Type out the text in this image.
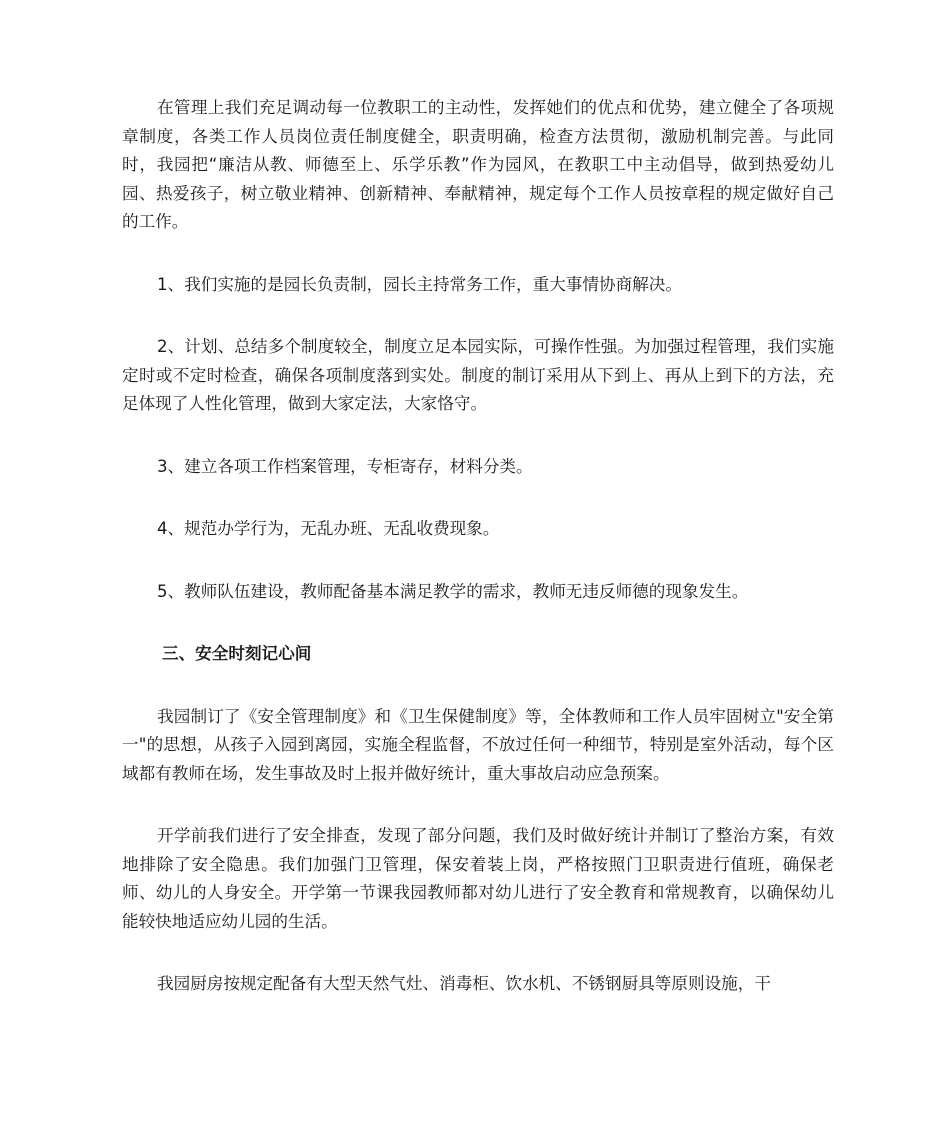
在管理上我们充足调动每一位教职工的主动性，发挥她们的优点和优势，建立健全了各项规章制度，各类工作人员岗位责任制度健全，职责明确，检查方法贯彻，激励机制完善。与此同时，我园把“廉洁从教、师德至上、乐学乐教”作为园风，在教职工中主动倡导，做到热爱幼儿园、热爱孩子，树立敬业精神、创新精神、奉献精神，规定每个工作人员按章程的规定做好自己的工作。

1、我们实施的是园长负责制，园长主持常务工作，重大事情协商解决。

2、计划、总结多个制度较全，制度立足本园实际，可操作性强。为加强过程管理，我们实施定时或不定时检查，确保各项制度落到实处。制度的制订采用从下到上、再从上到下的方法，充足体现了人性化管理，做到大家定法，大家恪守。

3、建立各项工作档案管理，专柜寄存，材料分类。

4、规范办学行为，无乱办班、无乱收费现象。

5、教师队伍建设，教师配备基本满足教学的需求，教师无违反师德的现象发生。

三、安全时刻记心间

我园制订了《安全管理制度》和《卫生保健制度》等，全体教师和工作人员牢固树立"安全第一"的思想，从孩子入园到离园，实施全程监督，不放过任何一种细节，特别是室外活动，每个区域都有教师在场，发生事故及时上报并做好统计，重大事故启动应急预案。

开学前我们进行了安全排查，发现了部分问题，我们及时做好统计并制订了整治方案，有效地排除了安全隐患。我们加强门卫管理，保安着装上岗，严格按照门卫职责进行值班，确保老师、幼儿的人身安全。开学第一节课我园教师都对幼儿进行了安全教育和常规教育，以确保幼儿能较快地适应幼儿园的生活。

我园厨房按规定配备有大型天然气灶、消毒柜、饮水机、不锈钢厨具等原则设施，干
